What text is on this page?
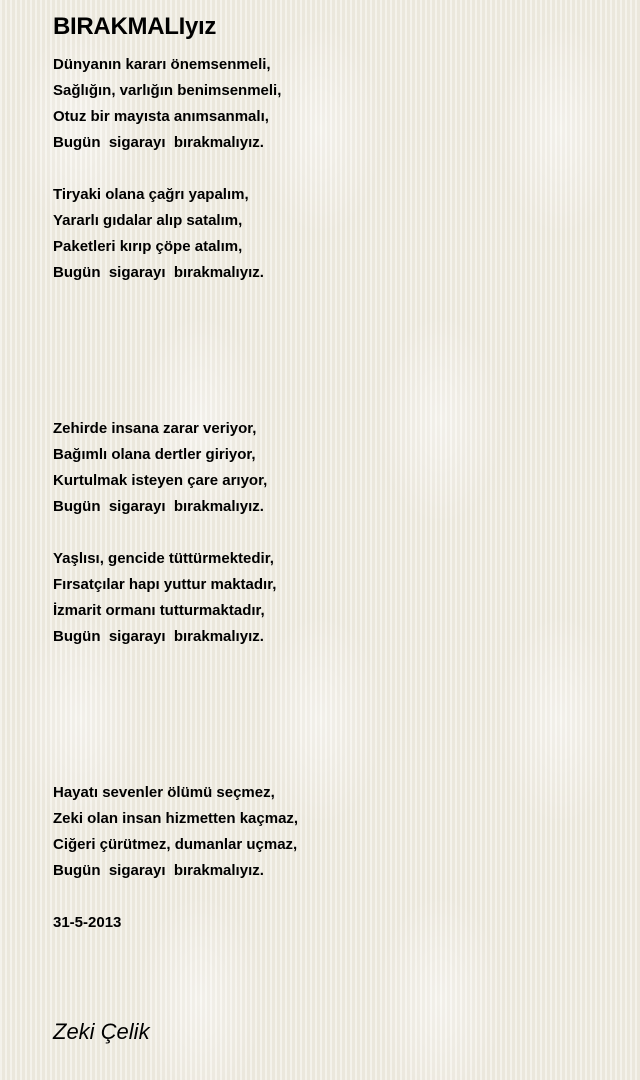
BIRAKMALIyız
Dünyanın kararı önemsenmeli,
Sağlığın, varlığın benimsenmeli,
Otuz bir mayısta anımsanmalı,
Bugün  sigarayı  bırakmalıyız.
Tiryaki olana çağrı yapalım,
Yararlı gıdalar alıp satalım,
Paketleri kırıp çöpe atalım,
Bugün  sigarayı  bırakmalıyız.
Zehirde insana zarar veriyor,
Bağımlı olana dertler giriyor,
Kurtulmak isteyen çare arıyor,
Bugün  sigarayı  bırakmalıyız.
Yaşlısı, gencide tüttürmektedir,
Fırsatçılar hapı yuttur maktadır,
İzmarit ormanı tutturmaktadır,
Bugün  sigarayı  bırakmalıyız.
Hayatı sevenler ölümü seçmez,
Zeki olan insan hizmetten kaçmaz,
Ciğeri çürütmez, dumanlar uçmaz,
Bugün  sigarayı  bırakmalıyız.
31-5-2013
Zeki Çelik
